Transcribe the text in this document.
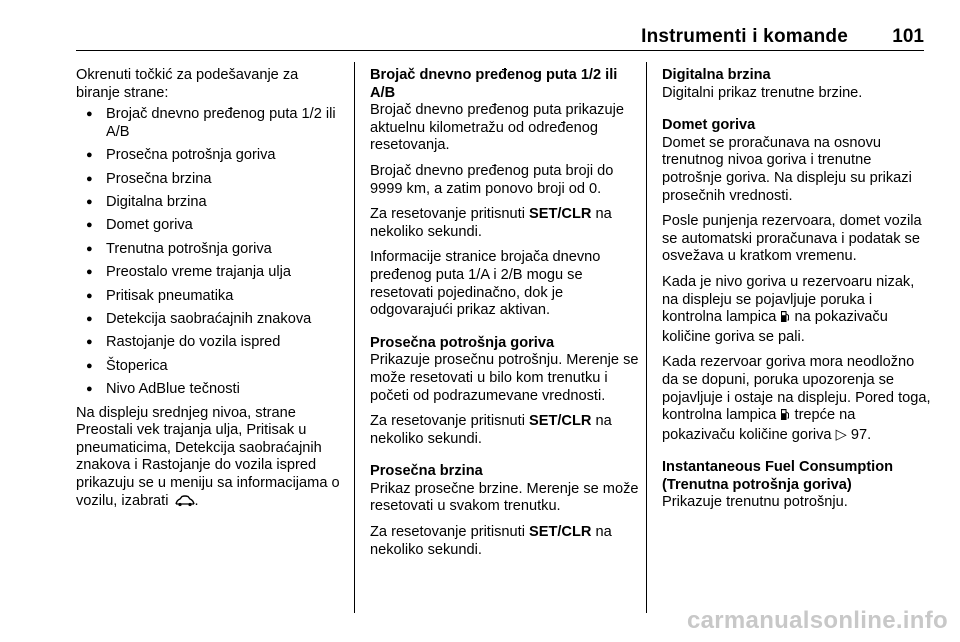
Instrumenti i komande 101

Okrenuti točkić za podešavanje za biranje strane:

● Brojač dnevno pređenog puta 1/2 ili A/B
● Prosečna potrošnja goriva
● Prosečna brzina
● Digitalna brzina
● Domet goriva
● Trenutna potrošnja goriva
● Preostalo vreme trajanja ulja
● Pritisak pneumatika
● Detekcija saobraćajnih znakova
● Rastojanje do vozila ispred
● Štoperica
● Nivo AdBlue tečnosti

Na displeju srednjeg nivoa, strane Preostali vek trajanja ulja, Pritisak u pneumaticima, Detekcija saobraćajnih znakova i Rastojanje do vozila ispred prikazuju se u meniju sa informacijama o vozilu, izabrati .

Brojač dnevno pređenog puta 1/2 ili A/B

Brojač dnevno pređenog puta prikazuje aktuelnu kilometražu od određenog resetovanja.

Brojač dnevno pređenog puta broji do 9999 km, a zatim ponovo broji od 0.

Za resetovanje pritisnuti SET/CLR na nekoliko sekundi.

Informacije stranice brojača dnevno pređenog puta 1/A i 2/B mogu se resetovati pojedinačno, dok je odgovarajući prikaz aktivan.

Prosečna potrošnja goriva

Prikazuje prosečnu potrošnju. Merenje se može resetovati u bilo kom trenutku i početi od podrazumevane vrednosti.

Za resetovanje pritisnuti SET/CLR na nekoliko sekundi.

Prosečna brzina

Prikaz prosečne brzine. Merenje se može resetovati u svakom trenutku.

Za resetovanje pritisnuti SET/CLR na nekoliko sekundi.

Digitalna brzina

Digitalni prikaz trenutne brzine.

Domet goriva

Domet se proračunava na osnovu trenutnog nivoa goriva i trenutne potrošnje goriva. Na displeju su prikazi prosečnih vrednosti.

Posle punjenja rezervoara, domet vozila se automatski proračunava i podatak se osvežava u kratkom vremenu.

Kada je nivo goriva u rezervoaru nizak, na displeju se pojavljuje poruka i kontrolna lampica na pokazivaču količine goriva se pali.

Kada rezervoar goriva mora neodložno da se dopuni, poruka upozorenja se pojavljuje i ostaje na displeju. Pored toga, kontrolna lampica trepće na pokazivaču količine goriva ▷ 97.

Instantaneous Fuel Consumption (Trenutna potrošnja goriva)

Prikazuje trenutnu potrošnju.

carmanualsonline.info
